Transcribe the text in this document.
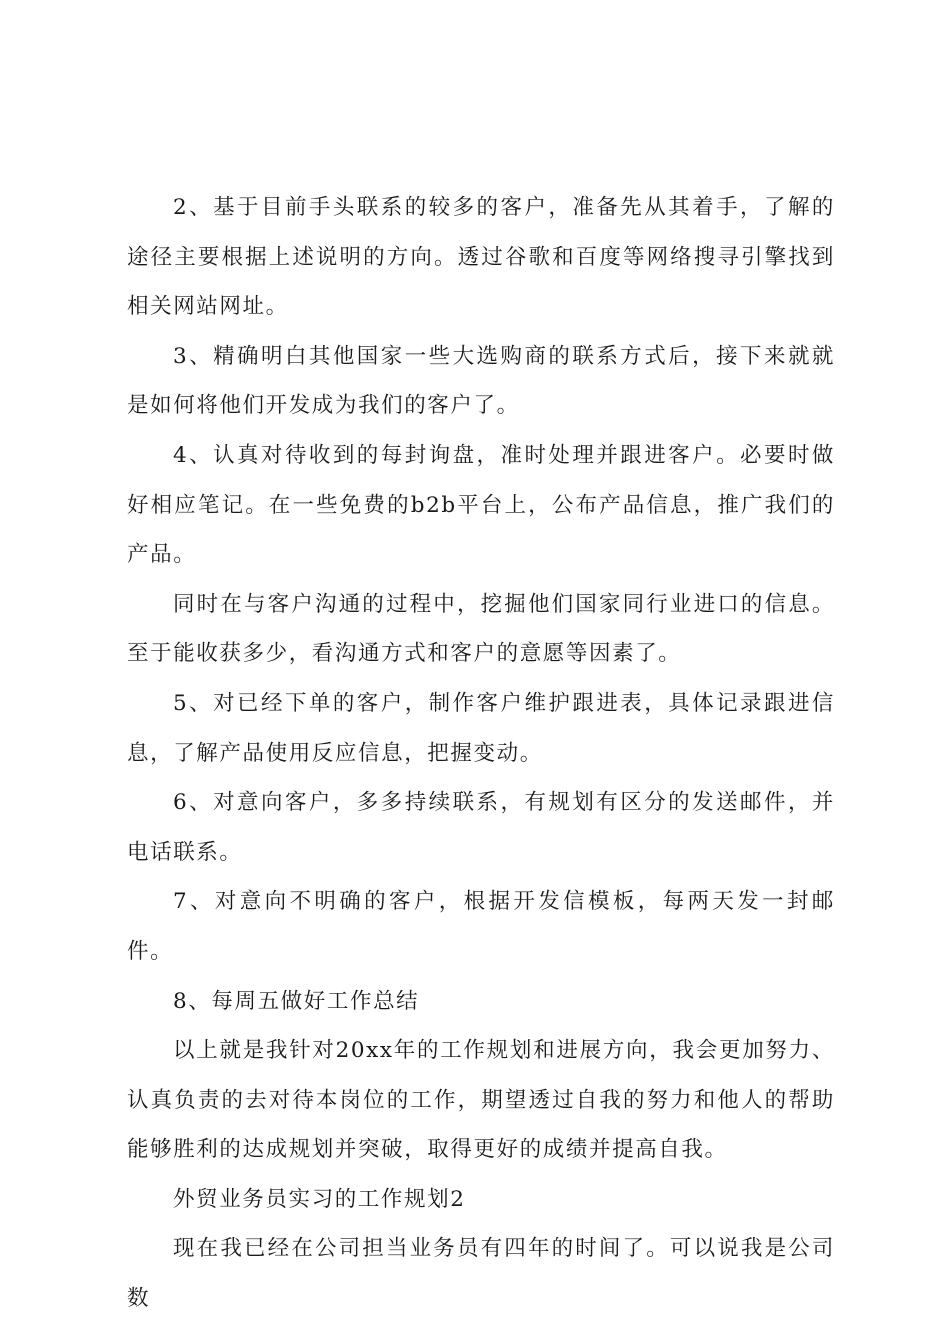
2、基于目前手头联系的较多的客户，准备先从其着手，了解的途径主要根据上述说明的方向。透过谷歌和百度等网络搜寻引擎找到相关网站网址。

3、精确明白其他国家一些大选购商的联系方式后，接下来就就是如何将他们开发成为我们的客户了。

4、认真对待收到的每封询盘，准时处理并跟进客户。必要时做好相应笔记。在一些免费的b2b平台上，公布产品信息，推广我们的产品。

同时在与客户沟通的过程中，挖掘他们国家同行业进口的信息。至于能收获多少，看沟通方式和客户的意愿等因素了。

5、对已经下单的客户，制作客户维护跟进表，具体记录跟进信息，了解产品使用反应信息，把握变动。

6、对意向客户，多多持续联系，有规划有区分的发送邮件，并电话联系。

7、对意向不明确的客户，根据开发信模板，每两天发一封邮件。

8、每周五做好工作总结

以上就是我针对20xx年的工作规划和进展方向，我会更加努力、认真负责的去对待本岗位的工作，期望透过自我的努力和他人的帮助能够胜利的达成规划并突破，取得更好的成绩并提高自我。

外贸业务员实习的工作规划2

现在我已经在公司担当业务员有四年的时间了。可以说我是公司数
